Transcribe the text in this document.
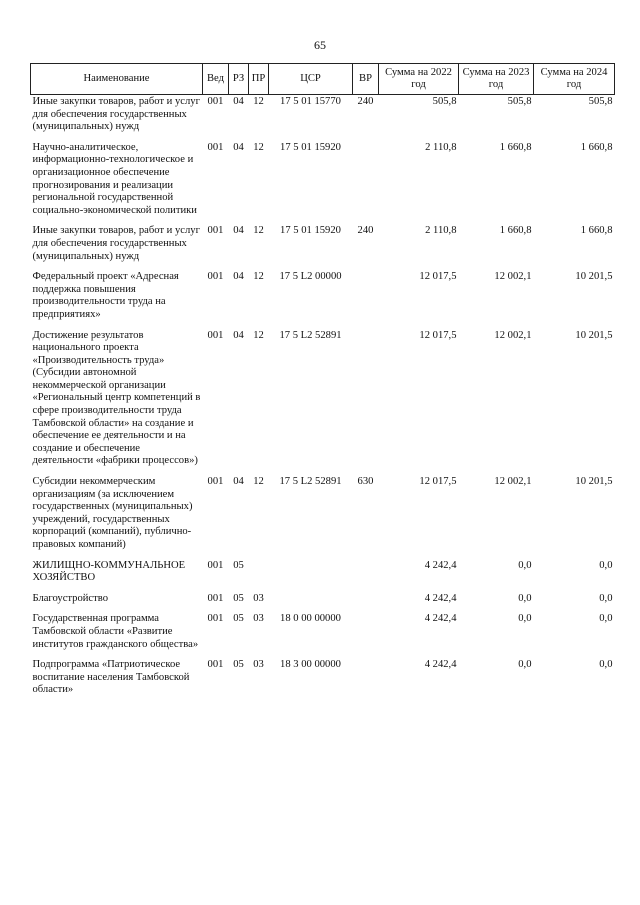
65
Наименование	Вед	РЗ	ПР	ЦСР	ВР	Сумма на 2022 год	Сумма на 2023 год	Сумма на 2024 год
Иные закупки товаров, работ и услуг для обеспечения государственных (муниципальных) нужд	001	04	12	17 5 01 15770	240	505,8	505,8	505,8
Научно-аналитическое, информационно-технологическое и организационное обеспечение прогнозирования и реализации региональной государственной социально-экономической политики	001	04	12	17 5 01 15920		2 110,8	1 660,8	1 660,8
Иные закупки товаров, работ и услуг для обеспечения государственных (муниципальных) нужд	001	04	12	17 5 01 15920	240	2 110,8	1 660,8	1 660,8
Федеральный проект «Адресная поддержка повышения производительности труда на предприятиях»	001	04	12	17 5 L2 00000		12 017,5	12 002,1	10 201,5
Достижение результатов национального проекта «Производительность труда» (Субсидии автономной некоммерческой организации «Региональный центр компетенций в сфере производительности труда Тамбовской области» на создание и обеспечение ее деятельности и на создание и обеспечение деятельности «фабрики процессов»)	001	04	12	17 5 L2 52891		12 017,5	12 002,1	10 201,5
Субсидии некоммерческим организациям (за исключением государственных (муниципальных) учреждений, государственных корпораций (компаний), публично-правовых компаний)	001	04	12	17 5 L2 52891	630	12 017,5	12 002,1	10 201,5
ЖИЛИЩНО-КОММУНАЛЬНОЕ ХОЗЯЙСТВО	001	05				4 242,4	0,0	0,0
Благоустройство	001	05	03			4 242,4	0,0	0,0
Государственная программа Тамбовской области «Развитие институтов гражданского общества»	001	05	03	18 0 00 00000		4 242,4	0,0	0,0
Подпрограмма «Патриотическое воспитание населения Тамбовской области»	001	05	03	18 3 00 00000		4 242,4	0,0	0,0
